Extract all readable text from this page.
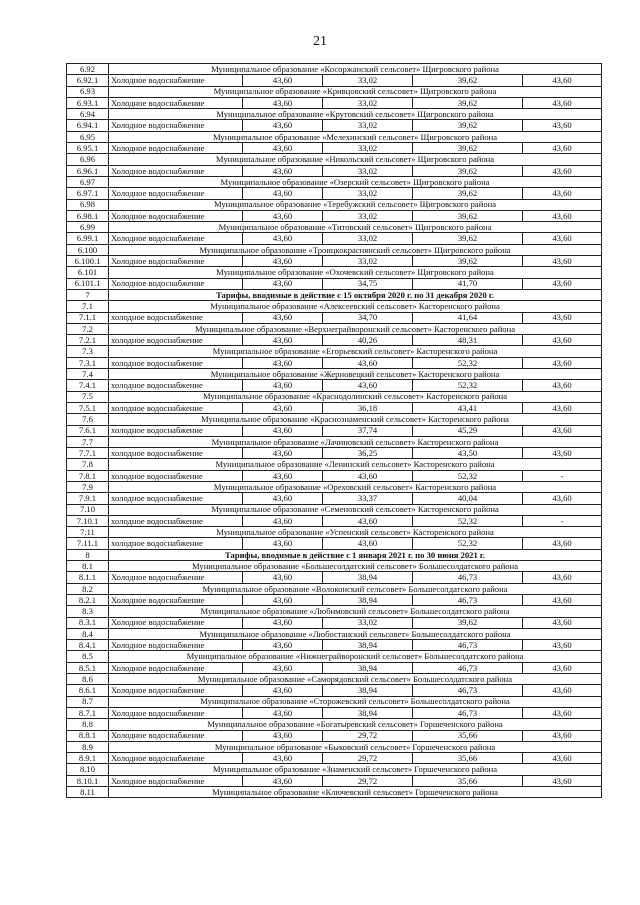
21
6.92	Муниципальное образование «Косоржанский сельсовет» Щигровского района				
6.92.1	Холодное водоснабжение	43,60	33,02	39,62	43,60
6.93	Муниципальное образование «Кривцовский сельсовет» Щигровского района				
6.93.1	Холодное водоснабжение	43,60	33,02	39,62	43,60
6.94	Муниципальное образование «Крутовский сельсовет» Щигровского района				
6.94.1	Холодное водоснабжение	43,60	33,02	39,62	43,60
6.95	Муниципальное образование «Мелехинский сельсовет» Щигровского района				
6.95.1	Холодное водоснабжение	43,60	33,02	39,62	43,60
6.96	Муниципальное образование «Никольский сельсовет» Щигровского района				
6.96.1	Холодное водоснабжение	43,60	33,02	39,62	43,60
6.97	Муниципальное образование «Озерский сельсовет» Щигровского района				
6.97.1	Холодное водоснабжение	43,60	33,02	39,62	43,60
6.98	Муниципальное образование «Теребужский сельсовет» Щигровского района				
6.98.1	Холодное водоснабжение	43,60	33,02	39,62	43,60
6.99	Муниципальное образование «Титовский сельсовет» Щигровского района				
6.99.1	Холодное водоснабжение	43,60	33,02	39,62	43,60
6.100	Муниципальное образование «Троицкокраснянский сельсовет» Щигровского района				
6.100.1	Холодное водоснабжение	43,60	33,02	39,62	43,60
6.101	Муниципальное образование «Охочевский сельсовет» Щигровского района				
6.101.1	Холодное водоснабжение	43,60	34,75	41,70	43,60
7	Тарифы, вводимые в действие с 15 октября 2020 г. по 31 декабря 2020 г.				
7.1	Муниципальное образование «Алексеевский сельсовет» Касторенского района				
7.1.1	холодное водоснабжение	43,60	34,70	41,64	43,60
7.2	Муниципальное образование «Верхнеграйворонский сельсовет» Касторенского района				
7.2.1	холодное водоснабжение	43,60	40,26	48,31	43,60
7.3	Муниципальное образование «Егорьевский сельсовет» Касторенского района				
7.3.1	холодное водоснабжение	43,60	43,60	52,32	43,60
7.4	Муниципальное образование «Жерновецкий сельсовет» Касторенского района				
7.4.1	холодное водоснабжение	43,60	43,60	52,32	43,60
7.5	Муниципальное образование «Краснодолинский сельсовет» Касторенского района				
7.5.1	холодное водоснабжение	43,60	36,18	43,41	43,60
7.6	Муниципальное образование «Краснознаменский сельсовет» Касторенского района				
7.6.1	холодное водоснабжение	43,60	37,74	45,29	43,60
7.7	Муниципальное образование «Лачиновский сельсовет» Касторенского района				
7.7.1	холодное водоснабжение	43,60	36,25	43,50	43,60
7.8	Муниципальное образование «Ленинский сельсовет» Касторенского района				
7.8.1	холодное водоснабжение	43,60	43,60	52,32	-
7.9	Муниципальное образование «Ореховский сельсовет» Касторенского района				
7.9.1	холодное водоснабжение	43,60	33,37	40,04	43,60
7.10	Муниципальное образование «Семеновский сельсовет» Касторенского района				
7.10.1	холодное водоснабжение	43,60	43,60	52,32	-
7.11	Муниципальное образование «Успенский сельсовет» Касторенского района				
7.11.1	холодное водоснабжение	43,60	43,60	52,32	43,60
8	Тарифы, вводимые в действие с 1 января 2021 г. по 30 июня 2021 г.				
8.1	Муниципальное образование «Большесолдатский сельсовет» Большесолдатского района				
8.1.1	Холодное водоснабжение	43,60	38,94	46,73	43,60
8.2	Муниципальное образование «Волоконский сельсовет» Большесолдатского района				
8.2.1	Холодное водоснабжение	43,60	38,94	46,73	43,60
8.3	Муниципальное образование «Любимовский сельсовет» Большесолдатского района				
8.3.1	Холодное водоснабжение	43,60	33,02	39,62	43,60
8.4	Муниципальное образование «Любостанский сельсовет» Большесолдатского района				
8.4.1	Холодное водоснабжение	43,60	38,94	46,73	43,60
8.5	Муниципальное образование «Нижнеграйворонский сельсовет» Большесолдатского района				
8.5.1	Холодное водоснабжение	43,60	38,94	46,73	43,60
8.6	Муниципальное образование «Саморядовский сельсовет» Большесолдатского района				
8.6.1	Холодное водоснабжение	43,60	38,94	46,73	43,60
8.7	Муниципальное образование «Сторожевский сельсовет» Большесолдатского района				
8.7.1	Холодное водоснабжение	43,60	38,94	46,73	43,60
8.8	Муниципальное образование «Богатыревский сельсовет» Горшеченского района				
8.8.1	Холодное водоснабжение	43,60	29,72	35,66	43,60
8.9	Муниципальное образование «Быковский сельсовет» Горшеченского района				
8.9.1	Холодное водоснабжение	43,60	29,72	35,66	43,60
8.10	Муниципальное образование «Знаменский сельсовет» Горшеченского района				
8.10.1	Холодное водоснабжение	43,60	29,72	35,66	43,60
8.11	Муниципальное образование «Ключевский сельсовет» Горшеченского района				
